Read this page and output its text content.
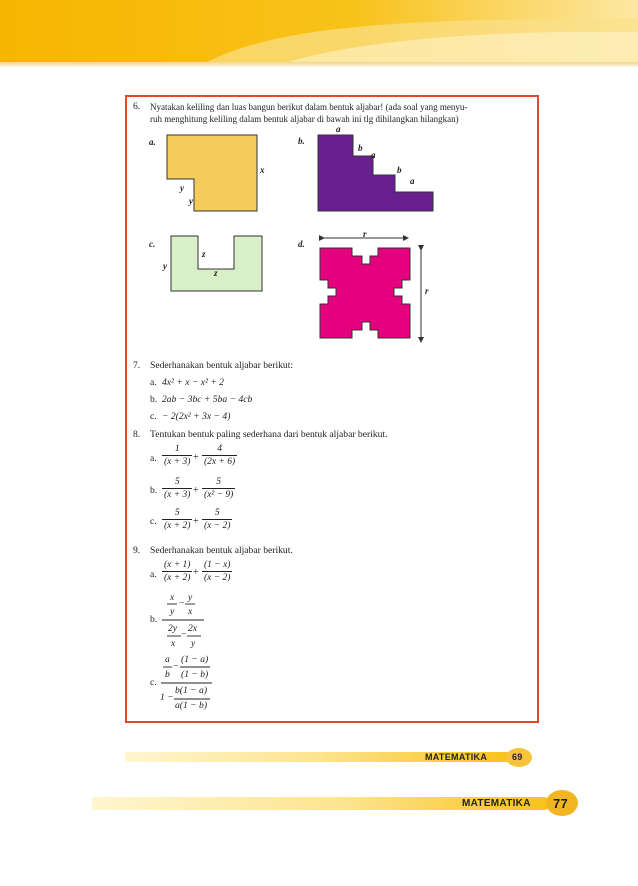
6. Nyatakan keliling dan luas bangun berikut dalam bentuk aljabar! (ada soal yang menyu-
ruh menghitung keliling dalam bentuk aljabar di bawah ini tlg dihilangkan hilangkan)
a.
x
y
y
b.
a
b
a
b
a
c.
y
z
z
d.
r
r
7. Sederhanakan bentuk aljabar berikut:
a. 4x² + x − x² + 2
b. 2ab − 3bc + 5ba − 4cb
c. − 2(2x² + 3x − 4)
8. Tentukan bentuk paling sederhana dari bentuk aljabar berikut.
a.
1
(x + 3) +
4
(2x + 6)
b.
5
(x + 3) +
5
(x² − 9)
c.
5
(x + 2) +
5
(x − 2)
9. Sederhanakan bentuk aljabar berikut.
a.
(x + 1)
(x + 2) +
(1 − x)
(x − 2)
b.
x
−
y
y x
2y
−
2x
x y
c.
a
−
(1 − a)
b (1 − b)
1 −
b(1 − a)
a(1 − b)
MATEMATIKA	69
MATEMATIKA 77
